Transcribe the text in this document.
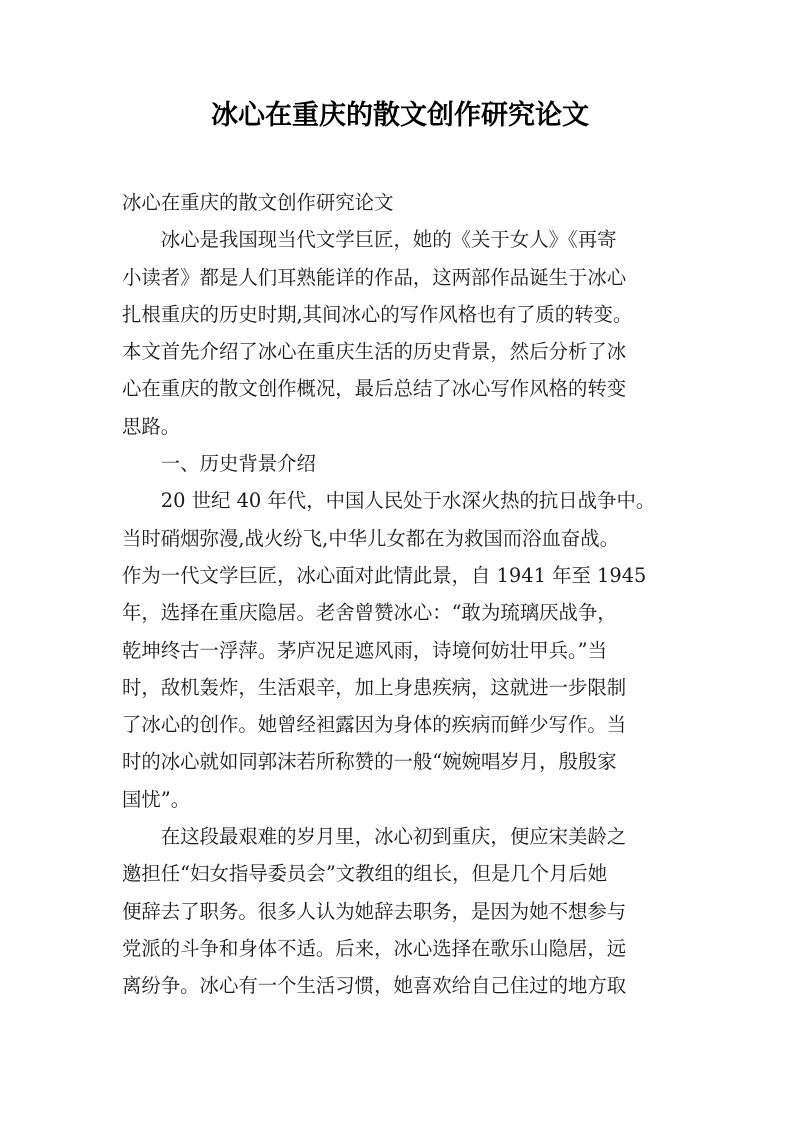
冰心在重庆的散文创作研究论文

冰心在重庆的散文创作研究论文

冰心是我国现当代文学巨匠，她的《关于女人》《再寄
小读者》都是人们耳熟能详的作品，这两部作品诞生于冰心
扎根重庆的历史时期,其间冰心的写作风格也有了质的转变。
本文首先介绍了冰心在重庆生活的历史背景，然后分析了冰
心在重庆的散文创作概况，最后总结了冰心写作风格的转变
思路。

一、历史背景介绍

20 世纪 40 年代，中国人民处于水深火热的抗日战争中。
当时硝烟弥漫,战火纷飞,中华儿女都在为救国而浴血奋战。
作为一代文学巨匠，冰心面对此情此景，自 1941 年至 1945
年，选择在重庆隐居。老舍曾赞冰心：“敢为琉璃厌战争，
乾坤终古一浮萍。茅庐况足遮风雨，诗境何妨壮甲兵。”当
时，敌机轰炸，生活艰辛，加上身患疾病，这就进一步限制
了冰心的创作。她曾经袒露因为身体的疾病而鲜少写作。当
时的冰心就如同郭沫若所称赞的一般“婉婉唱岁月，殷殷家
国忧”。

在这段最艰难的岁月里，冰心初到重庆，便应宋美龄之
邀担任“妇女指导委员会”文教组的组长，但是几个月后她
便辞去了职务。很多人认为她辞去职务，是因为她不想参与
党派的斗争和身体不适。后来，冰心选择在歌乐山隐居，远
离纷争。冰心有一个生活习惯，她喜欢给自己住过的地方取
